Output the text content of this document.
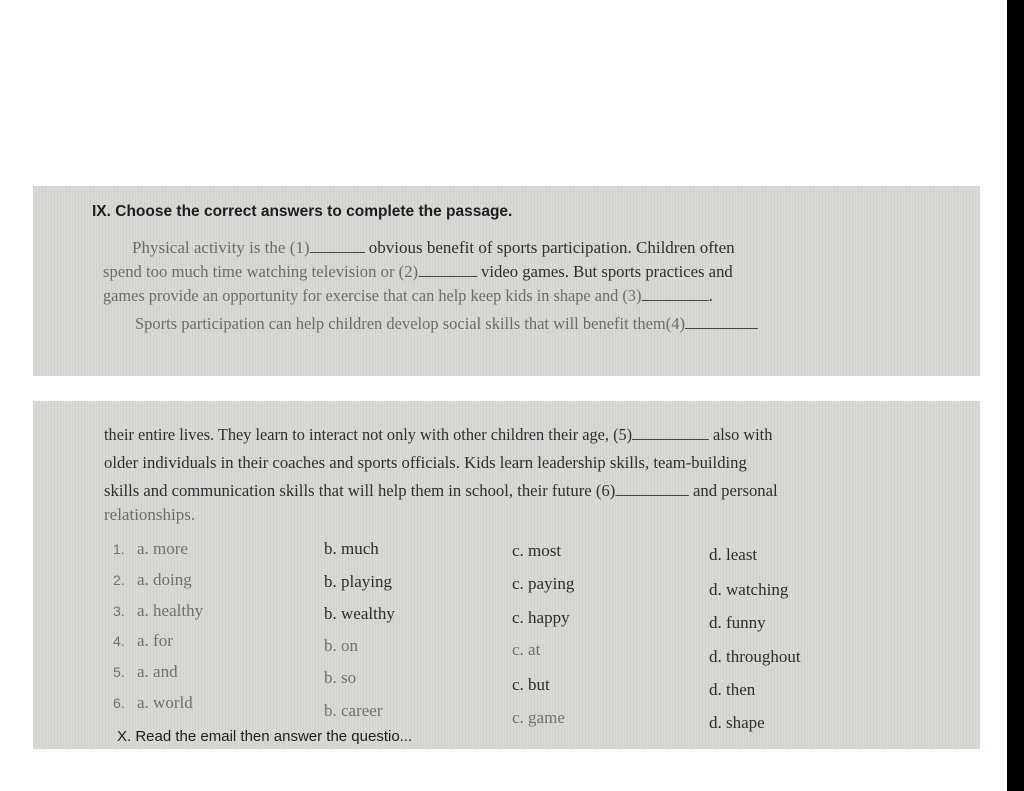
IX. Choose the correct answers to complete the passage.
Physical activity is the (1)	obvious benefit of sports participation. Children often
spend too much time watching television or (2)	video games. But sports practices and
games provide an opportunity for exercise that can help keep kids in shape and (3)	.
Sports participation can help children develop social skills that will benefit them(4)
their entire lives. They learn to interact not only with other children their age, (5)	also with
older individuals in their coaches and sports officials. Kids learn leadership skills, team-building
skills and communication skills that will help them in school, their future (6)	and personal
relationships.
1. a. more	b. much	c. most	d. least
2. a. doing	b. playing	c. paying	d. watching
3. a. healthy	b. wealthy	c. happy	d. funny
4. a. for	b. on	c. at	d. throughout
5. a. and	b. so	c. but	d. then
6. a. world	b. career	c. game	d. shape
X. Read the email then answer the questio...
